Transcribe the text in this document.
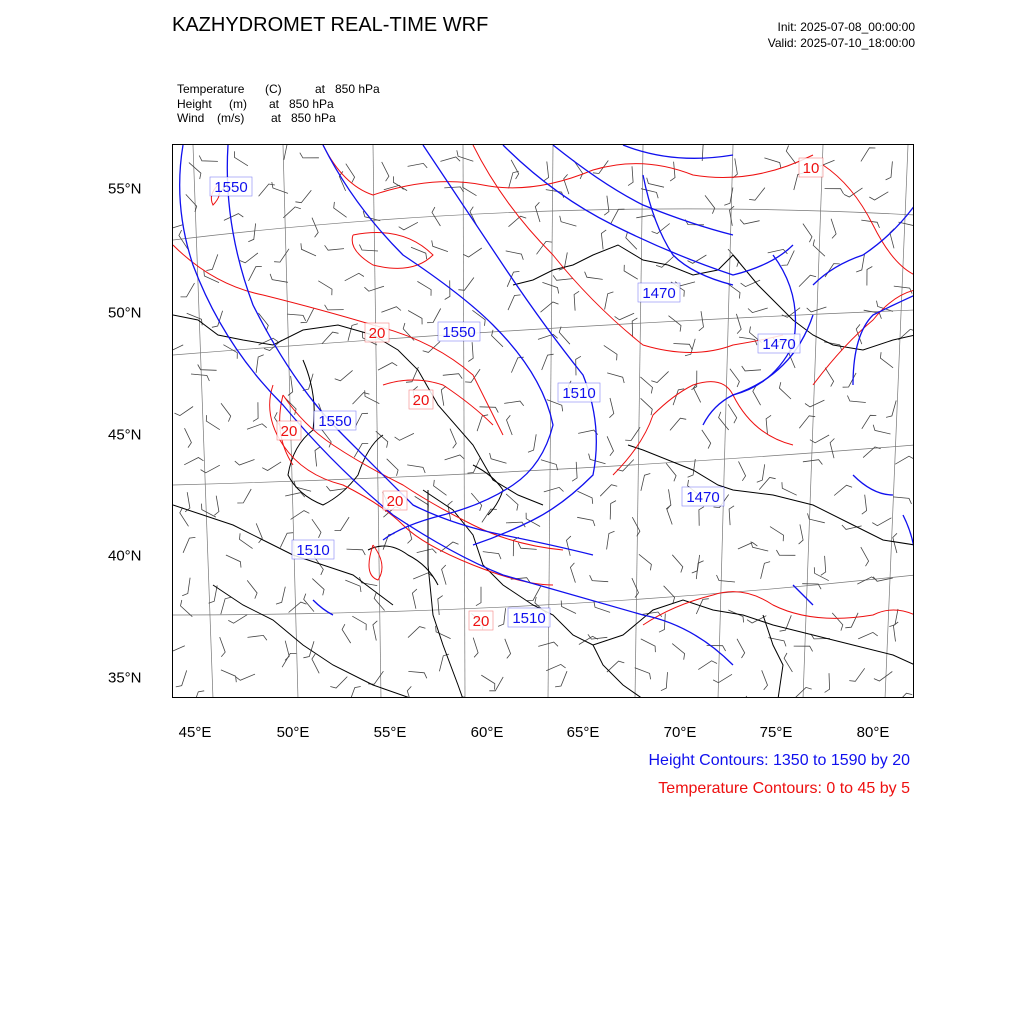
KAZHYDROMET REAL-TIME WRF	Init: 2025-07-08_00:00:00
Valid: 2025-07-10_18:00:00
Temperature (C)	at   850 hPa
Height (m) at   850 hPa
Wind (m/s) at   850 hPa
1550
1550
1550
1510
1510
1510
1470
1470
1470
20
20
20
20
20
10
55°N
50°N
45°N
40°N
35°N
45°E	50°E	55°E	60°E	65°E	70°E	75°E	80°E
Height Contours: 1350 to 1590 by 20
Temperature Contours: 0 to 45 by 5
